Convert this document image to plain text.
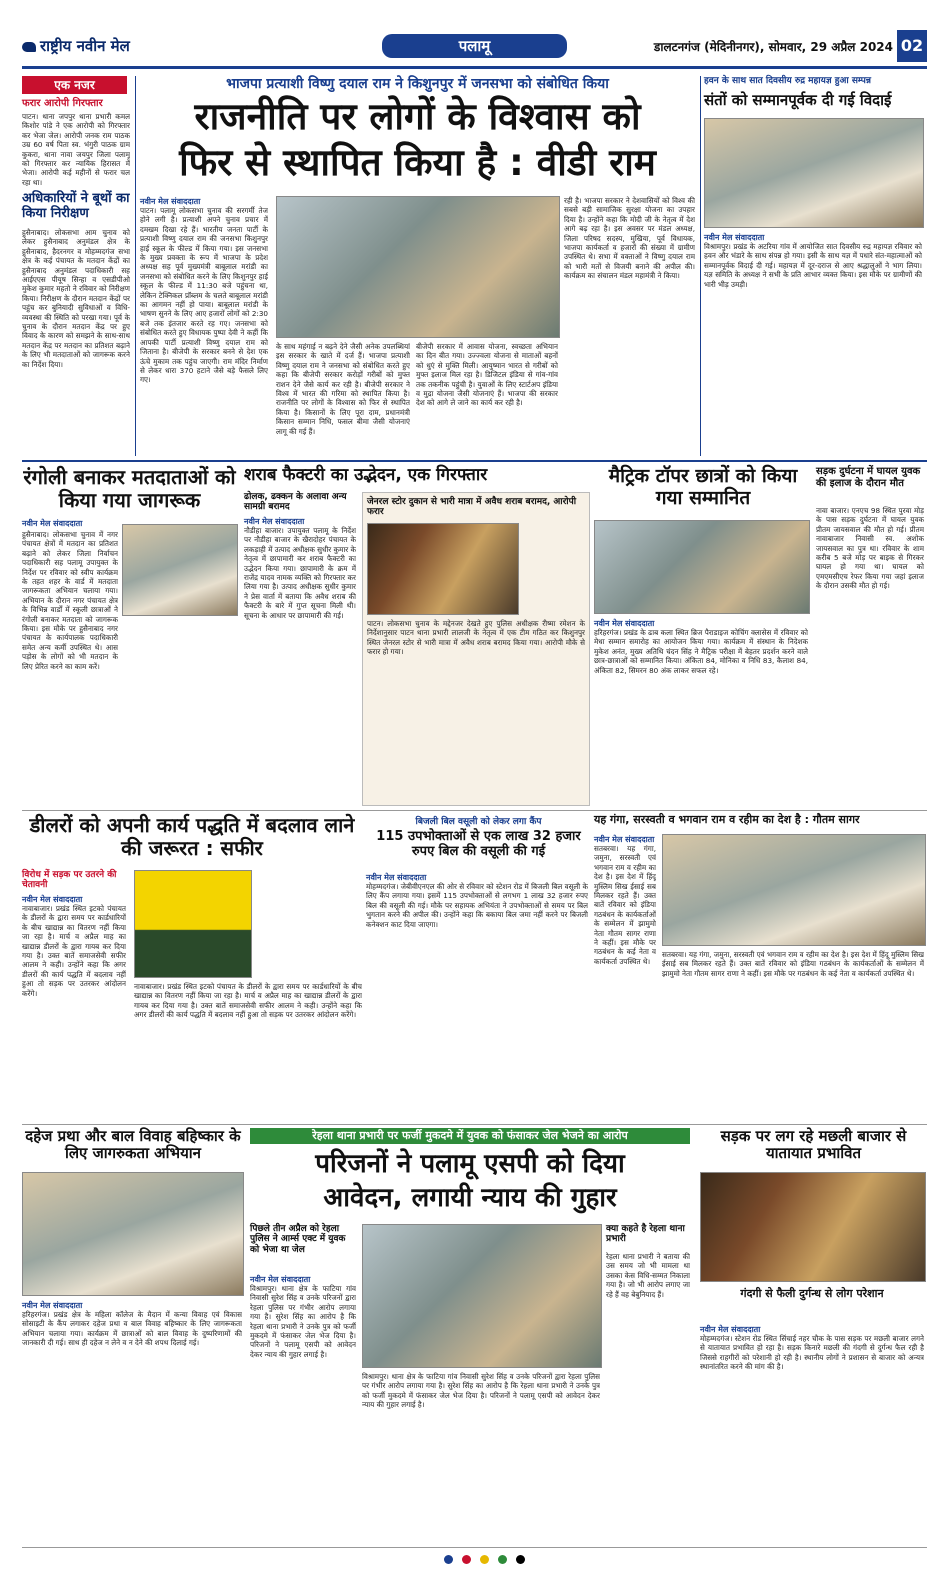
राष्ट्रीय नवीन मेल	पलामू	डालटनगंज (मेदिनीनगर), सोमवार, 29 अप्रैल 2024 02
एक नजर
फरार आरोपी गिरफ्तार
पाटन। थाना जपपुर थाना प्रभारी कमल किशोर पांडे ने एक आरोपी को गिरफ्तार कर भेजा जेल। आरोपी जनक राम पाठक उम्र 60 वर्ष पिता स्व. भंगुरी पाठक ग्राम कुकरा, थाना नावा जयपुर जिला पलामू को गिरफ्तार कर न्यायिक हिरासत में भेजा। आरोपी कई महीनों से फरार चल रहा था।
अधिकारियों ने बूथों का किया निरीक्षण
हुसैनाबाद। लोकसभा आम चुनाव को लेकर हुसैनाबाद अनुमंडल क्षेत्र के हुसैनाबाद, हैदरनगर व मोहम्मदगंज सभा क्षेत्र के कई पंचायत के मतदान केंद्रों का हुसैनाबाद अनुमंडल पदाधिकारी सह आईएएस पीयूष सिन्हा व एसडीपीओ मुकेश कुमार महतो ने रविवार को निरीक्षण किया। निरीक्षण के दौरान मतदान केंद्रों पर पहुंच कर बुनियादी सुविधाओं व विधि-व्यवस्था की स्थिति को परखा गया। पूर्व के चुनाव के दौरान मतदान केंद्र पर हुए विवाद के कारण को समझने के साथ-साथ मतदान केंद्र पर मतदान का प्रतिशत बढ़ाने के लिए भी मतदाताओं को जागरूक करने का निर्देश दिया।
भाजपा प्रत्याशी विष्णु दयाल राम ने किशुनपुर में जनसभा को संबोधित किया
राजनीति पर लोगों के विश्वास को
फिर से स्थापित किया है : वीडी राम
नवीन मेल संवाददाता
पाटन। पलामू लोकसभा चुनाव की सरगर्मी तेज होने लगी है। प्रत्याशी अपने चुनाव प्रचार में दमखम दिखा रहे हैं। भारतीय जनता पार्टी के प्रत्याशी विष्णु दयाल राम की जनसभा किशुनपुर हाई स्कूल के फील्ड में किया गया। इस जनसभा के मुख्य प्रवक्ता के रूप में भाजपा के प्रदेश अध्यक्ष सह पूर्व मुख्यमंत्री बाबूलाल मरांडी का जनसभा को संबोधित करने के लिए किशुनपुर हाई स्कूल के फील्ड में 11:30 बजे पहुंचना था, लेकिन टेक्निकल प्रॉब्लम के चलते बाबूलाल मरांडी का आगमन नहीं हो पाया। बाबूलाल मरांडी के भाषण सुनने के लिए आए हजारों लोगों को 2:30 बजे तक इंतजार करते रह गए। जनसभा को संबोधित करते हुए विधायक पुष्पा देवी ने कहीं कि आपकी पार्टी प्रत्याशी विष्णु दयाल राम को जिताना है। बीजेपी के सरकार बनने से देश एक ऊंचे मुकाम तक पहुंच जाएगी। राम मंदिर निर्माण से लेकर धारा 370 हटाने जैसे बड़े फैसले लिए गए।
के साथ महंगाई न बढ़ने देने जैसी अनेक उपलब्धियां इस सरकार के खाते में दर्ज हैं। भाजपा प्रत्याशी विष्णु दयाल राम ने जनसभा को संबोधित करते हुए कहा कि बीजेपी सरकार करोड़ों गरीबों को मुफ्त राशन देने जैसे कार्य कर रही है। बीजेपी सरकार ने विश्व में भारत की गरिमा को स्थापित किया है। राजनीति पर लोगों के विश्वास को फिर से स्थापित किया है। किसानों के लिए पूरा दाम, प्रधानमंत्री किसान सम्मान निधि, फसल बीमा जैसी योजनाएं लागू की गई हैं।
बीजेपी सरकार में आवास योजना, स्वच्छता अभियान का दिन बीत गया। उज्ज्वला योजना से माताओं बहनों को धुएं से मुक्ति मिली। आयुष्मान भारत से गरीबों को मुफ्त इलाज मिल रहा है। डिजिटल इंडिया से गांव-गांव तक तकनीक पहुंची है। युवाओं के लिए स्टार्टअप इंडिया व मुद्रा योजना जैसी योजनाएं हैं। भाजपा की सरकार देश को आगे ले जाने का कार्य कर रही है।
रही है। भाजपा सरकार ने देशवासियों को विश्व की सबसे बड़ी सामाजिक सुरक्षा योजना का उपहार दिया है। उन्होंने कहा कि मोदी जी के नेतृत्व में देश आगे बढ़ रहा है। इस अवसर पर मंडल अध्यक्ष, जिला परिषद सदस्य, मुखिया, पूर्व विधायक, भाजपा कार्यकर्ता व हजारों की संख्या में ग्रामीण उपस्थित थे। सभा में वक्ताओं ने विष्णु दयाल राम को भारी मतों से विजयी बनाने की अपील की। कार्यक्रम का संचालन मंडल महामंत्री ने किया।
हवन के साथ सात दिवसीय रुद्र महायज्ञ हुआ सम्पन्न
संतों को सम्मानपूर्वक दी गई विदाई
नवीन मेल संवाददाता
विश्रामपुर। प्रखंड के अटरिया गांव में आयोजित सात दिवसीय रुद्र महायज्ञ रविवार को हवन और भंडारे के साथ संपन्न हो गया। इसी के साथ यज्ञ में पधारे संत-महात्माओं को सम्मानपूर्वक विदाई दी गई। महायज्ञ में दूर-दराज से आए श्रद्धालुओं ने भाग लिया। यज्ञ समिति के अध्यक्ष ने सभी के प्रति आभार व्यक्त किया। इस मौके पर ग्रामीणों की भारी भीड़ उमड़ी।
रंगोली बनाकर मतदाताओं को किया गया जागरूक
नवीन मेल संवाददाता
हुसैनाबाद। लोकसभा चुनाव में नगर पंचायत क्षेत्रों में मतदान का प्रतिशत बढ़ाने को लेकर जिला निर्वाचन पदाधिकारी सह पलामू उपायुक्त के निर्देश पर रविवार को स्वीप कार्यक्रम के तहत शहर के वार्ड में मतदाता जागरूकता अभियान चलाया गया। अभियान के दौरान नगर पंचायत क्षेत्र के विभिन्न वार्डों में स्कूली छात्राओं ने रंगोली बनाकर मतदाता को जागरूक किया। इस मौके पर हुसैनाबाद नगर पंचायत के कार्यपालक पदाधिकारी समेत अन्य कर्मी उपस्थित थे। आस पड़ोस के लोगों को भी मतदान के लिए प्रेरित करने का काम करें।
शराब फैक्टरी का उद्भेदन, एक गिरफ्तार
ढोलक, ढक्कन के अलावा अन्य सामग्री बरामद
नवीन मेल संवाददाता
नौडीहा बाजार। उपायुक्त पलामू के निर्देश पर नौडीहा बाजार के खैरादोहर पंचायत के लकड़ाही में उत्पाद अधीक्षक सुधीर कुमार के नेतृत्व में छापामारी कर शराब फैक्टरी का उद्भेदन किया गया। छापामारी के क्रम में राजेंद्र यादव नामक व्यक्ति को गिरफ्तार कर लिया गया है। उत्पाद अधीक्षक सुधीर कुमार ने प्रेस वार्ता में बताया कि अवैध शराब की फैक्टरी के बारे में गुप्त सूचना मिली थी। सूचना के आधार पर छापामारी की गई।
जेनरल स्टोर दुकान से भारी मात्रा में अवैध शराब बरामद, आरोपी फरार
पाटन। लोकसभा चुनाव के मद्देनजर देखते हुए पुलिस अधीक्षक रीष्मा रमेशन के निर्देशानुसार पाटन थाना प्रभारी लालजी के नेतृत्व में एक टीम गठित कर किशुनपुर स्थित जेनरल स्टोर से भारी मात्रा में अवैध शराब बरामद किया गया। आरोपी मौके से फरार हो गया।
मैट्रिक टॉपर छात्रों को किया गया सम्मानित
नवीन मेल संवाददाता
हरिहरगंज। प्रखंड के ढाब कला स्थित ब्रिज पैराडाइज कोचिंग क्लासेस में रविवार को मेधा सम्मान समारोह का आयोजन किया गया। कार्यक्रम में संस्थान के निदेशक मुकेश अनंत, मुख्य अतिथि चंदन सिंह ने मैट्रिक परीक्षा में बेहतर प्रदर्शन करने वाले छात्र-छात्राओं को सम्मानित किया। अंकिता 84, मोनिका व निधि 83, कैलाश 84, अंकिता 82, सिमरन 80 अंक लाकर सफल रहे।
सड़क दुर्घटना में घायल युवक की इलाज के दौरान मौत
नावा बाजार। एनएच 98 स्थित पुरवा मोड़ के पास सड़क दुर्घटना में घायल युवक प्रीतम जायसवाल की मौत हो गई। प्रीतम नावाबाजार निवासी स्व. अशोक जायसवाल का पुत्र था। रविवार के शाम करीब 5 बजे मोड़ पर बाइक से गिरकर घायल हो गया था। घायल को एमएमसीएच रेफर किया गया जहां इलाज के दौरान उसकी मौत हो गई।
डीलरों को अपनी कार्य पद्धति में बदलाव लाने की जरूरत : सफीर
विरोध में सड़क पर उतरने की चेतावनी
नवीन मेल संवाददाता
नावाबाजार। प्रखंड स्थित इटको पंचायत के डीलरों के द्वारा समय पर कार्डधारियों के बीच खाद्यान्न का वितरण नहीं किया जा रहा है। मार्च व अप्रैल माह का खाद्यान्न डीलरों के द्वारा गायब कर दिया गया है। उक्त बातें समाजसेवी सफीर आलम ने कही। उन्होंने कहा कि अगर डीलरों की कार्य पद्धति में बदलाव नहीं हुआ तो सड़क पर उतरकर आंदोलन करेंगे।
नावाबाजार। प्रखंड स्थित इटको पंचायत के डीलरों के द्वारा समय पर कार्डधारियों के बीच खाद्यान्न का वितरण नहीं किया जा रहा है। मार्च व अप्रैल माह का खाद्यान्न डीलरों के द्वारा गायब कर दिया गया है। उक्त बातें समाजसेवी सफीर आलम ने कही। उन्होंने कहा कि अगर डीलरों की कार्य पद्धति में बदलाव नहीं हुआ तो सड़क पर उतरकर आंदोलन करेंगे।
बिजली बिल वसूली को लेकर लगा कैंप
115 उपभोक्ताओं से एक लाख 32 हजार रुपए बिल की वसूली की गई
नवीन मेल संवाददाता
मोहम्मदगंज। जेबीवीएनएल की ओर से रविवार को स्टेशन रोड में बिजली बिल वसूली के लिए कैंप लगाया गया। इसमें 115 उपभोक्ताओं से लगभग 1 लाख 32 हजार रुपए बिल की वसूली की गई। मौके पर सहायक अभियंता ने उपभोक्ताओं से समय पर बिल भुगतान करने की अपील की। उन्होंने कहा कि बकाया बिल जमा नहीं करने पर बिजली कनेक्शन काट दिया जाएगा।
यह गंगा, सरस्वती व भगवान राम व रहीम का देश है : गौतम सागर
नवीन मेल संवाददाता
सतबरवा। यह गंगा, जमुना, सरस्वती एवं भगवान राम व रहीम का देश है। इस देश में हिंदू मुस्लिम सिख ईसाई सब मिलकर रहते हैं। उक्त बातें रविवार को इंडिया गठबंधन के कार्यकर्ताओं के सम्मेलन में झामुमो नेता गौतम सागर राणा ने कहीं। इस मौके पर गठबंधन के कई नेता व कार्यकर्ता उपस्थित थे।
सतबरवा। यह गंगा, जमुना, सरस्वती एवं भगवान राम व रहीम का देश है। इस देश में हिंदू मुस्लिम सिख ईसाई सब मिलकर रहते हैं। उक्त बातें रविवार को इंडिया गठबंधन के कार्यकर्ताओं के सम्मेलन में झामुमो नेता गौतम सागर राणा ने कहीं। इस मौके पर गठबंधन के कई नेता व कार्यकर्ता उपस्थित थे।
दहेज प्रथा और बाल विवाह बहिष्कार के लिए जागरुकता अभियान
नवीन मेल संवाददाता
हरिहरगंज। प्रखंड क्षेत्र के महिला कॉलेज के मैदान में कन्या विवाह एवं विकास सोसाइटी के कैंप लगाकर दहेज प्रथा व बाल विवाह बहिष्कार के लिए जागरूकता अभियान चलाया गया। कार्यक्रम में छात्राओं को बाल विवाह के दुष्परिणामों की जानकारी दी गई। साथ ही दहेज न लेने व न देने की शपथ दिलाई गई।
रेहला थाना प्रभारी पर फर्जी मुकदमे में युवक को फंसाकर जेल भेजने का आरोप
परिजनों ने पलामू एसपी को दिया
आवेदन, लगायी न्याय की गुहार
पिछले तीन अप्रैल को रेहला पुलिस ने आर्म्स एक्ट में युवक को भेजा था जेल
नवीन मेल संवाददाता
विश्रामपुर। थाना क्षेत्र के फाटिया गांव निवासी सुरेश सिंह व उनके परिजनों द्वारा रेहला पुलिस पर गंभीर आरोप लगाया गया है। सुरेश सिंह का आरोप है कि रेहला थाना प्रभारी ने उनके पुत्र को फर्जी मुकदमे में फंसाकर जेल भेज दिया है। परिजनों ने पलामू एसपी को आवेदन देकर न्याय की गुहार लगाई है।
विश्रामपुर। थाना क्षेत्र के फाटिया गांव निवासी सुरेश सिंह व उनके परिजनों द्वारा रेहला पुलिस पर गंभीर आरोप लगाया गया है। सुरेश सिंह का आरोप है कि रेहला थाना प्रभारी ने उनके पुत्र को फर्जी मुकदमे में फंसाकर जेल भेज दिया है। परिजनों ने पलामू एसपी को आवेदन देकर न्याय की गुहार लगाई है।
क्या कहते है रेहला थाना प्रभारी
रेहला थाना प्रभारी ने बताया की उस समय जो भी मामला था उसका केस विधि-सम्मत निकाला गया है। जो भी आरोप लगाए जा रहे हैं वह बेबुनियाद हैं।
सड़क पर लग रहे मछली बाजार से यातायात प्रभावित
गंदगी से फैली दुर्गन्ध से लोग परेशान
नवीन मेल संवाददाता
मोहम्मदगंज। स्टेशन रोड स्थित सिंचाई नहर चौक के पास सड़क पर मछली बाजार लगने से यातायात प्रभावित हो रहा है। सड़क किनारे मछली की गंदगी से दुर्गन्ध फैल रही है जिससे राहगीरों को परेशानी हो रही है। स्थानीय लोगों ने प्रशासन से बाजार को अन्यत्र स्थानांतरित करने की मांग की है।
